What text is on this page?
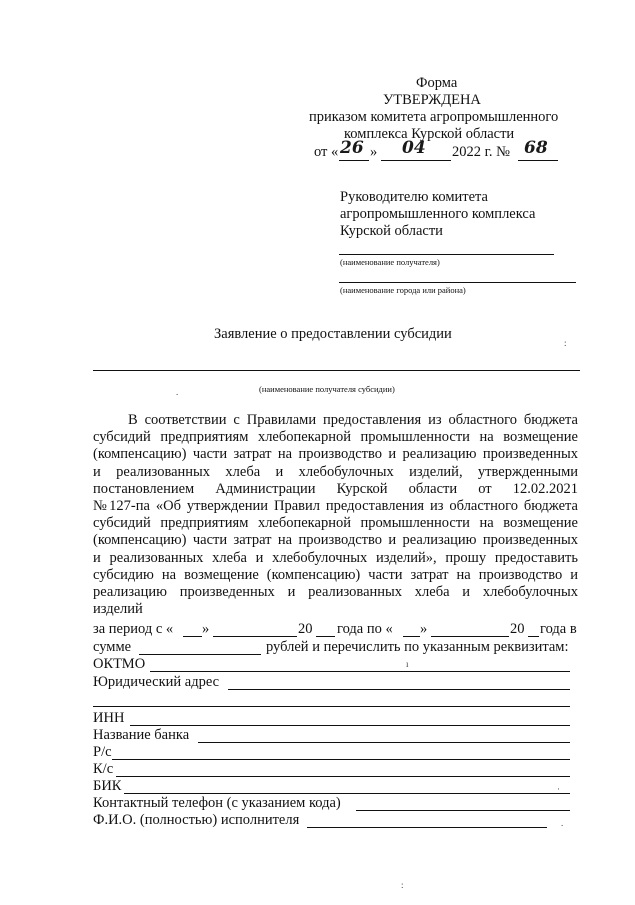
Форма
УТВЕРЖДЕНА
приказом комитета агропромышленного
комплекса Курской области
от « 26 » 04 2022 г. № 68
Руководителю комитета
агропромышленного комплекса
Курской области
(наименование получателя)
(наименование города или района)
Заявление о предоставлении субсидии
:
(наименование получателя субсидии)
.
В соответствии с Правилами предоставления из областного бюджета
субсидий предприятиям хлебопекарной промышленности на возмещение
(компенсацию) части затрат на производство и реализацию произведенных
и реализованных хлеба и хлебобулочных изделий, утвержденными
постановлением Администрации Курской области от 12.02.2021
№127-па «Об утверждении Правил предоставления из областного бюджета
субсидий предприятиям хлебопекарной промышленности на возмещение
(компенсацию) части затрат на производство и реализацию произведенных
и реализованных хлеба и хлебобулочных изделий», прошу предоставить
субсидию на возмещение (компенсацию) части затрат на производство и
реализацию произведенных и реализованных хлеба и хлебобулочных
изделий
за период с « »	20 года по « »	20 года в
сумме	рублей и перечислить по указанным реквизитам:
ОКТМО	ı
Юридический адрес
ИНН
Название банка
Р/с
К/с
БИК	·
Контактный телефон (с указанием кода)
Ф.И.О. (полностью) исполнителя	.
:
